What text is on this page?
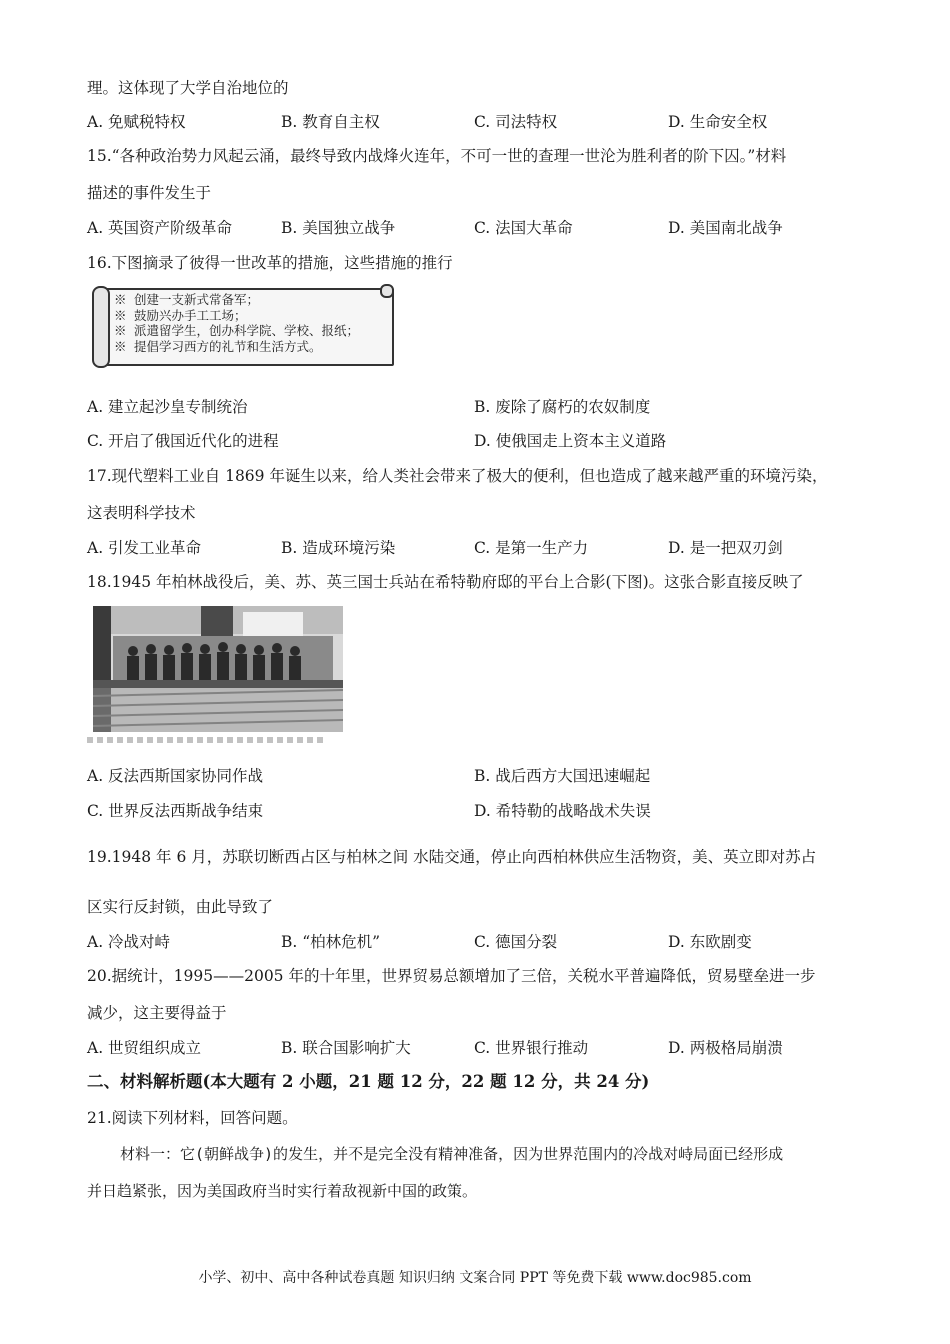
理。这体现了大学自治地位的
A. 免赋税特权	B. 教育自主权	C. 司法特权	D. 生命安全权
15.“各种政治势力风起云涌，最终导致内战烽火连年，不可一世的查理一世沦为胜利者的阶下囚。”材料
描述的事件发生于
A. 英国资产阶级革命	B. 美国独立战争	C. 法国大革命	D. 美国南北战争
16.下图摘录了彼得一世改革的措施，这些措施的推行
※ 创建一支新式常备军；
※ 鼓励兴办手工工场；
※ 派遣留学生，创办科学院、学校、报纸；
※ 提倡学习西方的礼节和生活方式。
A. 建立起沙皇专制统治	B. 废除了腐朽的农奴制度
C. 开启了俄国近代化的进程	D. 使俄国走上资本主义道路
17.现代塑料工业自 1869 年诞生以来，给人类社会带来了极大的便利，但也造成了越来越严重的环境污染，
这表明科学技术
A. 引发工业革命	B. 造成环境污染	C. 是第一生产力	D. 是一把双刃剑
18.1945 年柏林战役后，美、苏、英三国士兵站在希特勒府邸的平台上合影(下图)。这张合影直接反映了
A. 反法西斯国家协同作战	B. 战后西方大国迅速崛起
C. 世界反法西斯战争结束	D. 希特勒的战略战术失误
19.1948 年 6 月，苏联切断西占区与柏林之间 水陆交通，停止向西柏林供应生活物资，美、英立即对苏占
区实行反封锁，由此导致了
A. 冷战对峙	B. “柏林危机”	C. 德国分裂	D. 东欧剧变
20.据统计，1995——2005 年的十年里，世界贸易总额增加了三倍，关税水平普遍降低，贸易壁垒进一步
减少，这主要得益于
A. 世贸组织成立	B. 联合国影响扩大	C. 世界银行推动	D. 两极格局崩溃
二、材料解析题(本大题有 2 小题，21 题 12 分，22 题 12 分，共 24 分)
21.阅读下列材料，回答问题。
材料一：它(朝鲜战争)的发生，并不是完全没有精神准备，因为世界范围内的冷战对峙局面已经形成
并日趋紧张，因为美国政府当时实行着敌视新中国的政策。
小学、初中、高中各种试卷真题 知识归纳 文案合同 PPT 等免费下载 www.doc985.com
